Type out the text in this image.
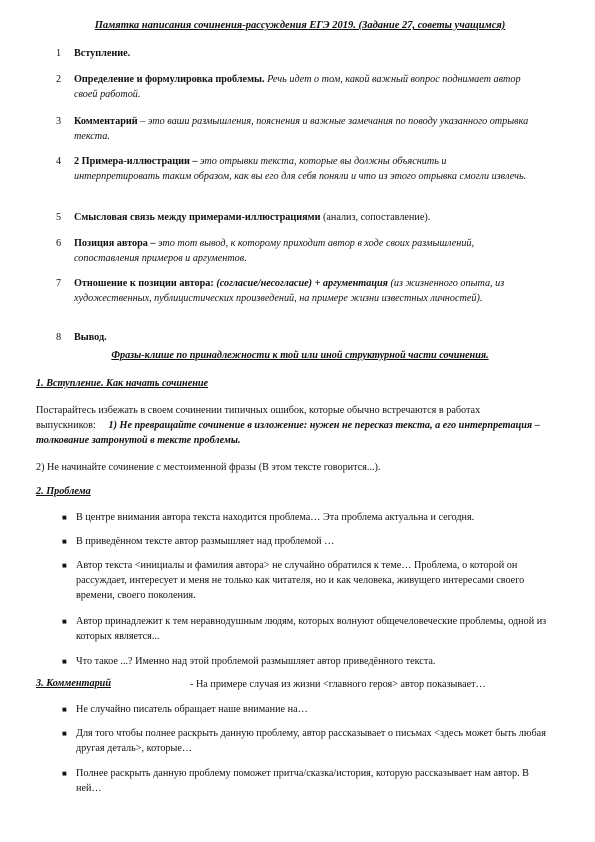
Памятка написания сочинения-рассуждения ЕГЭ 2019. (Задание 27, советы учащимся)
1	Вступление.
2	Определение и формулировка проблемы. Речь идет о том, какой важный вопрос поднимает автор своей работой.
3	Комментарий – это ваши размышления, пояснения и важные замечания по поводу указанного отрывка текста.
4	2 Примера-иллюстрации – это отрывки текста, которые вы должны объяснить и интерпретировать таким образом, как вы его для себя поняли и что из этого отрывка смогли извлечь.
5	Смысловая связь между примерами-иллюстрациями (анализ, сопоставление).
6	Позиция автора – это тот вывод, к которому приходит автор в ходе своих размышлений, сопоставления примеров и аргументов.
7	Отношение к позиции автора: (согласие/несогласие) + аргументация (из жизненного опыта, из художественных, публицистических произведений, на примере жизни известных личностей).
8	Вывод.
Фразы-клише по принадлежности к той или иной структурной части сочинения.
1. Вступление. Как начать сочинение
Постарайтесь избежать в своем сочинении типичных ошибок, которые обычно встречаются в работах выпускников: 1) Не превращайте сочинение в изложение: нужен не пересказ текста, а его интерпретация – толкование затронутой в тексте проблемы.
2) Не начинайте сочинение с местоименной фразы (В этом тексте говорится...).
2. Проблема
■ В центре внимания автора текста находится проблема… Эта проблема актуальна и сегодня.
■ В приведённом тексте автор размышляет над проблемой …
■ Автор текста <инициалы и фамилия автора> не случайно обратился к теме… Проблема, о которой он рассуждает, интересует и меня не только как читателя, но и как человека, живущего интересами своего времени, своего поколения.
■ Автор принадлежит к тем неравнодушным людям, которых волнуют общечеловеческие проблемы, одной из которых является...
■ Что такое ...? Именно над этой проблемой размышляет автор приведённого текста.
3. Комментарий	- На примере случая из жизни <главного героя> автор показывает…
■ Не случайно писатель обращает наше внимание на…
■ Для того чтобы полнее раскрыть данную проблему, автор рассказывает о письмах <здесь может быть любая другая деталь>, которые…
■ Полнее раскрыть данную проблему поможет притча/сказка/история, которую рассказывает нам автор. В ней…
